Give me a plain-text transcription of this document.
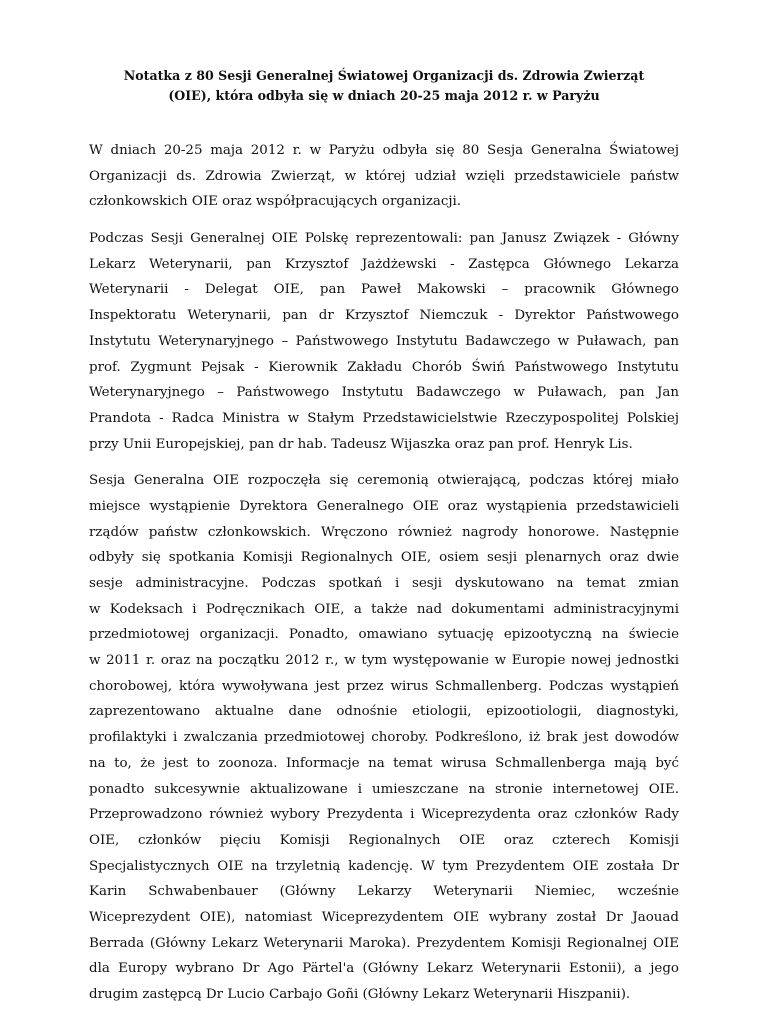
Notatka z 80 Sesji Generalnej Światowej Organizacji ds. Zdrowia Zwierząt
(OIE), która odbyła się w dniach 20-25 maja 2012 r. w Paryżu
W dniach 20-25 maja 2012 r. w Paryżu odbyła się 80 Sesja Generalna Światowej
Organizacji ds. Zdrowia Zwierząt, w której udział wzięli przedstawiciele państw
członkowskich OIE oraz współpracujących organizacji.
Podczas Sesji Generalnej OIE Polskę reprezentowali: pan Janusz Związek - Główny
Lekarz Weterynarii, pan Krzysztof Jażdżewski - Zastępca Głównego Lekarza
Weterynarii - Delegat OIE, pan Paweł Makowski – pracownik Głównego
Inspektoratu Weterynarii, pan dr Krzysztof Niemczuk - Dyrektor Państwowego
Instytutu Weterynaryjnego – Państwowego Instytutu Badawczego w Puławach, pan
prof. Zygmunt Pejsak - Kierownik Zakładu Chorób Świń Państwowego Instytutu
Weterynaryjnego – Państwowego Instytutu Badawczego w Puławach, pan Jan
Prandota - Radca Ministra w Stałym Przedstawicielstwie Rzeczypospolitej Polskiej
przy Unii Europejskiej, pan dr hab. Tadeusz Wijaszka oraz pan prof. Henryk Lis.
Sesja Generalna OIE rozpoczęła się ceremonią otwierającą, podczas której miało
miejsce wystąpienie Dyrektora Generalnego OIE oraz wystąpienia przedstawicieli
rządów państw członkowskich. Wręczono również nagrody honorowe. Następnie
odbyły się spotkania Komisji Regionalnych OIE, osiem sesji plenarnych oraz dwie
sesje administracyjne. Podczas spotkań i sesji dyskutowano na temat zmian
w Kodeksach i Podręcznikach OIE, a także nad dokumentami administracyjnymi
przedmiotowej organizacji. Ponadto, omawiano sytuację epizootyczną na świecie
w 2011 r. oraz na początku 2012 r., w tym występowanie w Europie nowej jednostki
chorobowej, która wywoływana jest przez wirus Schmallenberg. Podczas wystąpień
zaprezentowano aktualne dane odnośnie etiologii, epizootiologii, diagnostyki,
profilaktyki i zwalczania przedmiotowej choroby. Podkreślono, iż brak jest dowodów
na to, że jest to zoonoza. Informacje na temat wirusa Schmallenberga mają być
ponadto sukcesywnie aktualizowane i umieszczane na stronie internetowej OIE.
Przeprowadzono również wybory Prezydenta i Wiceprezydenta oraz członków Rady
OIE, członków pięciu Komisji Regionalnych OIE oraz czterech Komisji
Specjalistycznych OIE na trzyletnią kadencję. W tym Prezydentem OIE została Dr
Karin Schwabenbauer (Główny Lekarzy Weterynarii Niemiec, wcześnie
Wiceprezydent OIE), natomiast Wiceprezydentem OIE wybrany został Dr Jaouad
Berrada (Główny Lekarz Weterynarii Maroka). Prezydentem Komisji Regionalnej OIE
dla Europy wybrano Dr Ago Pärtel'a (Główny Lekarz Weterynarii Estonii), a jego
drugim zastępcą Dr Lucio Carbajo Goñi (Główny Lekarz Weterynarii Hiszpanii).
